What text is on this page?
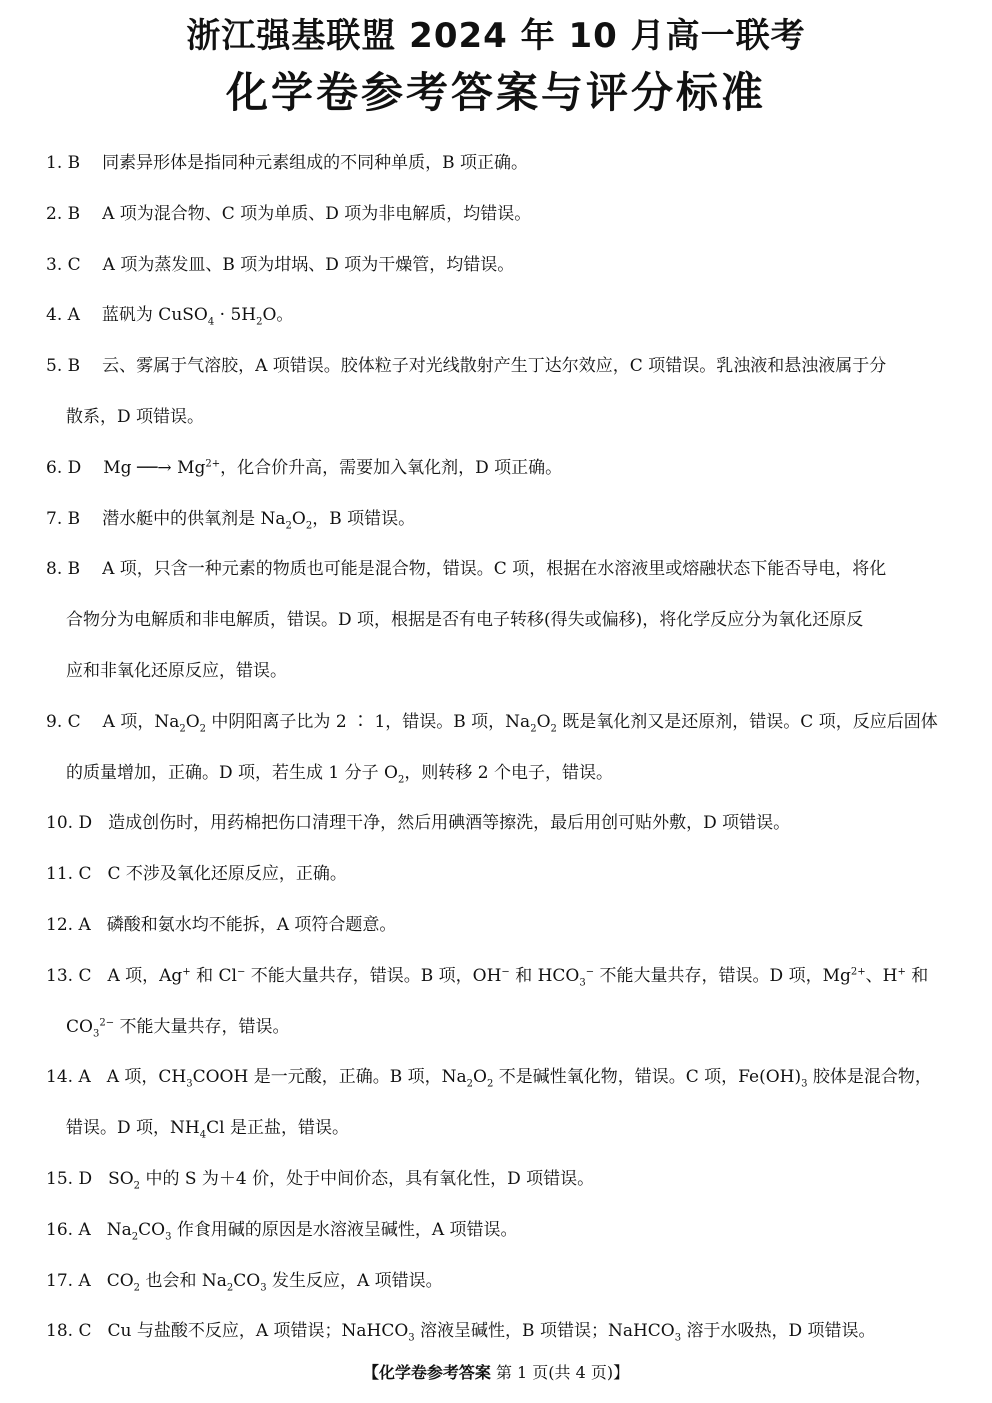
浙江强基联盟 2024 年 10 月高一联考
化学卷参考答案与评分标准
1. B 同素异形体是指同种元素组成的不同种单质，B 项正确。
2. B A 项为混合物、C 项为单质、D 项为非电解质，均错误。
3. C A 项为蒸发皿、B 项为坩埚、D 项为干燥管，均错误。
4. A 蓝矾为 CuSO$_4$ · $5H_2O$。
5. B 云、雾属于气溶胶，A 项错误。胶体粒子对光线散射产生丁达尔效应，C 项错误。乳浊液和悬浊液属于分
散系，D 项错误。
6. D Mg ──→ $Mg^{2+}$，化合价升高，需要加入氧化剂，D 项正确。
7. B 潜水艇中的供氧剂是 $Na_2O_2$，B 项错误。
8. B A 项，只含一种元素的物质也可能是混合物，错误。C 项，根据在水溶液里或熔融状态下能否导电，将化
合物分为电解质和非电解质，错误。D 项，根据是否有电子转移(得失或偏移)，将化学反应分为氧化还原反
应和非氧化还原反应，错误。
9. C A 项，$Na_2O_2$ 中阴阳离子比为 2 ∶ 1，错误。B 项，$Na_2O_2$ 既是氧化剂又是还原剂，错误。C 项，反应后固体
的质量增加，正确。D 项，若生成 1 分子 $O_2$，则转移 2 个电子，错误。
10. D 造成创伤时，用药棉把伤口清理干净，然后用碘酒等擦洗，最后用创可贴外敷，D 项错误。
11. C C 不涉及氧化还原反应，正确。
12. A 磷酸和氨水均不能拆，A 项符合题意。
13. C A 项，Ag+ 和 Cl− 不能大量共存，错误。B 项，OH− 和 $HCO_3^-$ 不能大量共存，错误。D 项，$Mg^{2+}$、H+ 和
$CO_3^{2-}$ 不能大量共存，错误。
14. A A 项，$CH_3COOH$ 是一元酸，正确。B 项，$Na_2O_2$ 不是碱性氧化物，错误。C 项，$Fe(OH)_3$ 胶体是混合物，
错误。D 项，$NH_4Cl$ 是正盐，错误。
15. D $SO_2$ 中的 S 为＋4 价，处于中间价态，具有氧化性，D 项错误。
16. A $Na_2CO_3$ 作食用碱的原因是水溶液呈碱性，A 项错误。
17. A $CO_2$ 也会和 $Na_2CO_3$ 发生反应，A 项错误。
18. C Cu 与盐酸不反应，A 项错误；NaHCO$_3$ 溶液呈碱性，B 项错误；NaHCO$_3$ 溶于水吸热，D 项错误。
【化学卷参考答案 第 1 页(共 4 页)】
